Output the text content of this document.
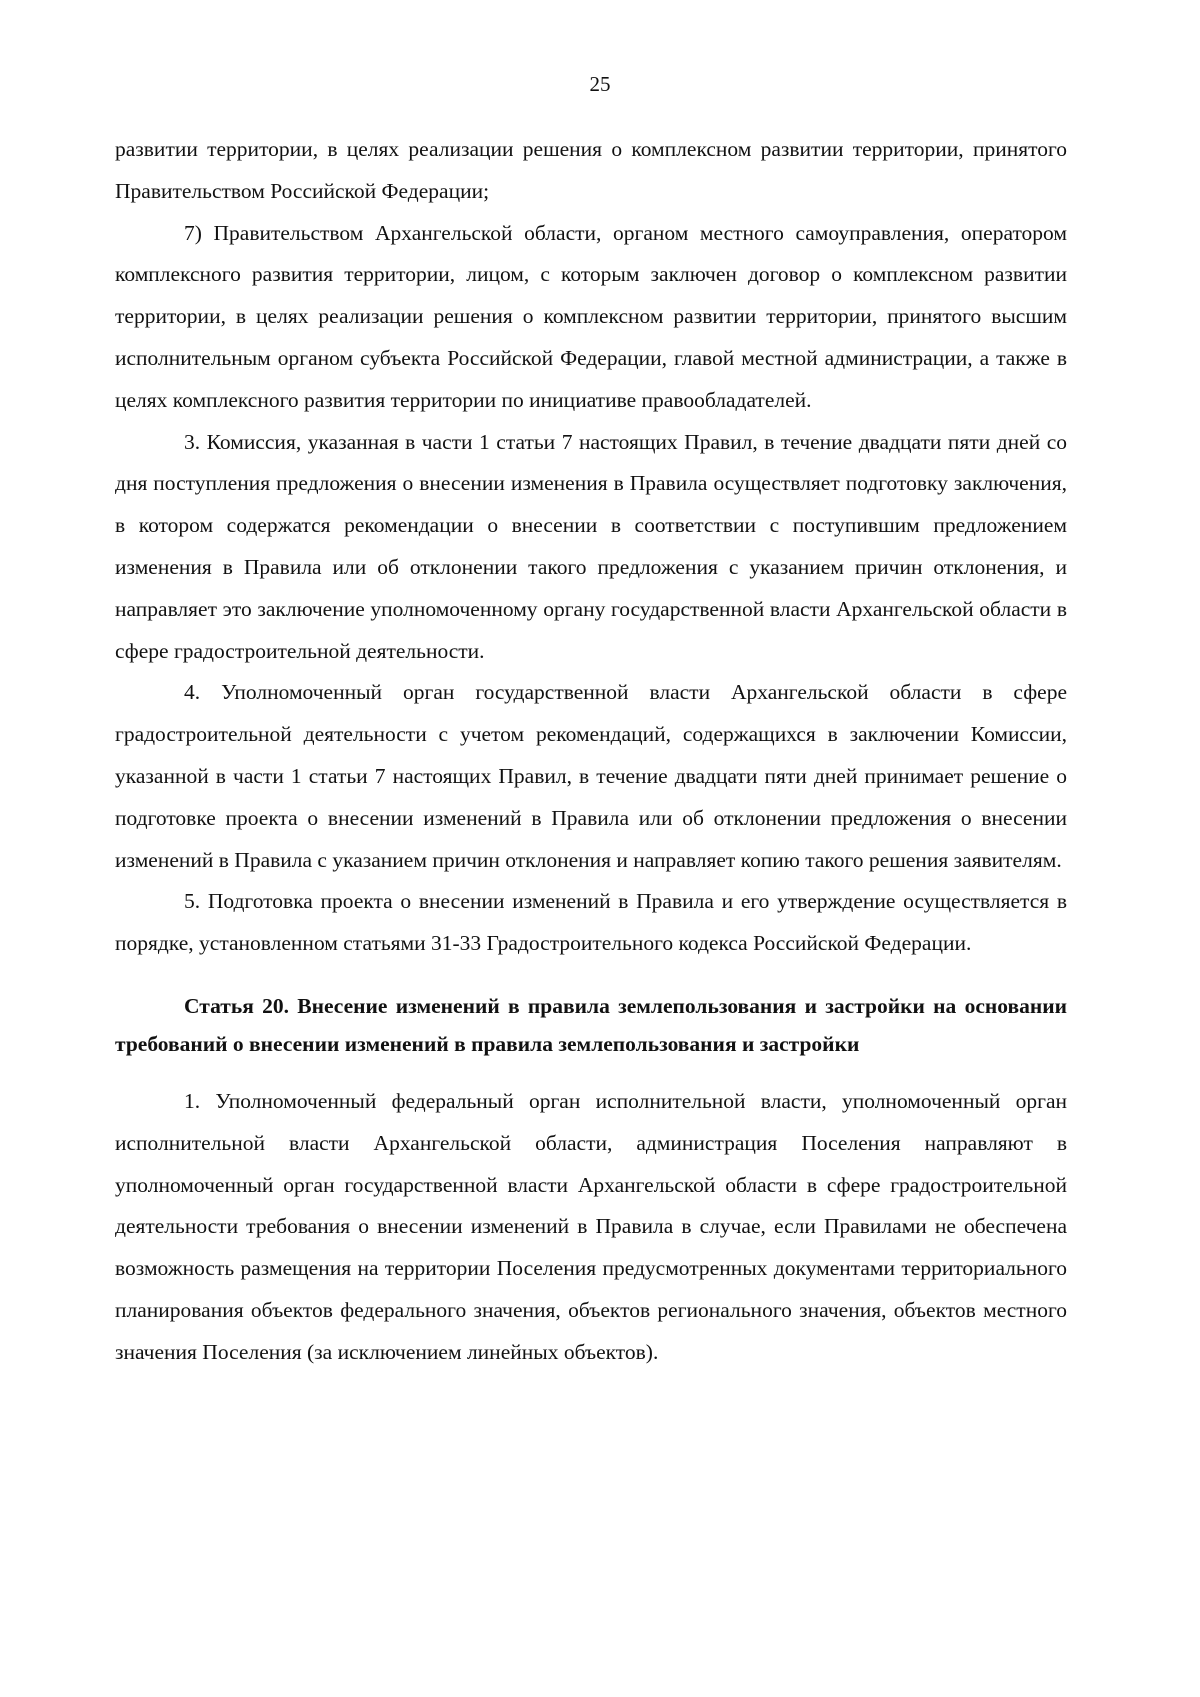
25

развитии территории, в целях реализации решения о комплексном развитии территории, принятого Правительством Российской Федерации;

7) Правительством Архангельской области, органом местного самоуправления, оператором комплексного развития территории, лицом, с которым заключен договор о комплексном развитии территории, в целях реализации решения о комплексном развитии территории, принятого высшим исполнительным органом субъекта Российской Федерации, главой местной администрации, а также в целях комплексного развития территории по инициативе правообладателей.

3. Комиссия, указанная в части 1 статьи 7 настоящих Правил, в течение двадцати пяти дней со дня поступления предложения о внесении изменения в Правила осуществляет подготовку заключения, в котором содержатся рекомендации о внесении в соответствии с поступившим предложением изменения в Правила или об отклонении такого предложения с указанием причин отклонения, и направляет это заключение уполномоченному органу государственной власти Архангельской области в сфере градостроительной деятельности.

4. Уполномоченный орган государственной власти Архангельской области в сфере градостроительной деятельности с учетом рекомендаций, содержащихся в заключении Комиссии, указанной в части 1 статьи 7 настоящих Правил, в течение двадцати пяти дней принимает решение о подготовке проекта о внесении изменений в Правила или об отклонении предложения о внесении изменений в Правила с указанием причин отклонения и направляет копию такого решения заявителям.

5. Подготовка проекта о внесении изменений в Правила и его утверждение осуществляется в порядке, установленном статьями 31-33 Градостроительного кодекса Российской Федерации.

Статья 20. Внесение изменений в правила землепользования и застройки на основании требований о внесении изменений в правила землепользования и застройки

1. Уполномоченный федеральный орган исполнительной власти, уполномоченный орган исполнительной власти Архангельской области, администрация Поселения направляют в уполномоченный орган государственной власти Архангельской области в сфере градостроительной деятельности требования о внесении изменений в Правила в случае, если Правилами не обеспечена возможность размещения на территории Поселения предусмотренных документами территориального планирования объектов федерального значения, объектов регионального значения, объектов местного значения Поселения (за исключением линейных объектов).
